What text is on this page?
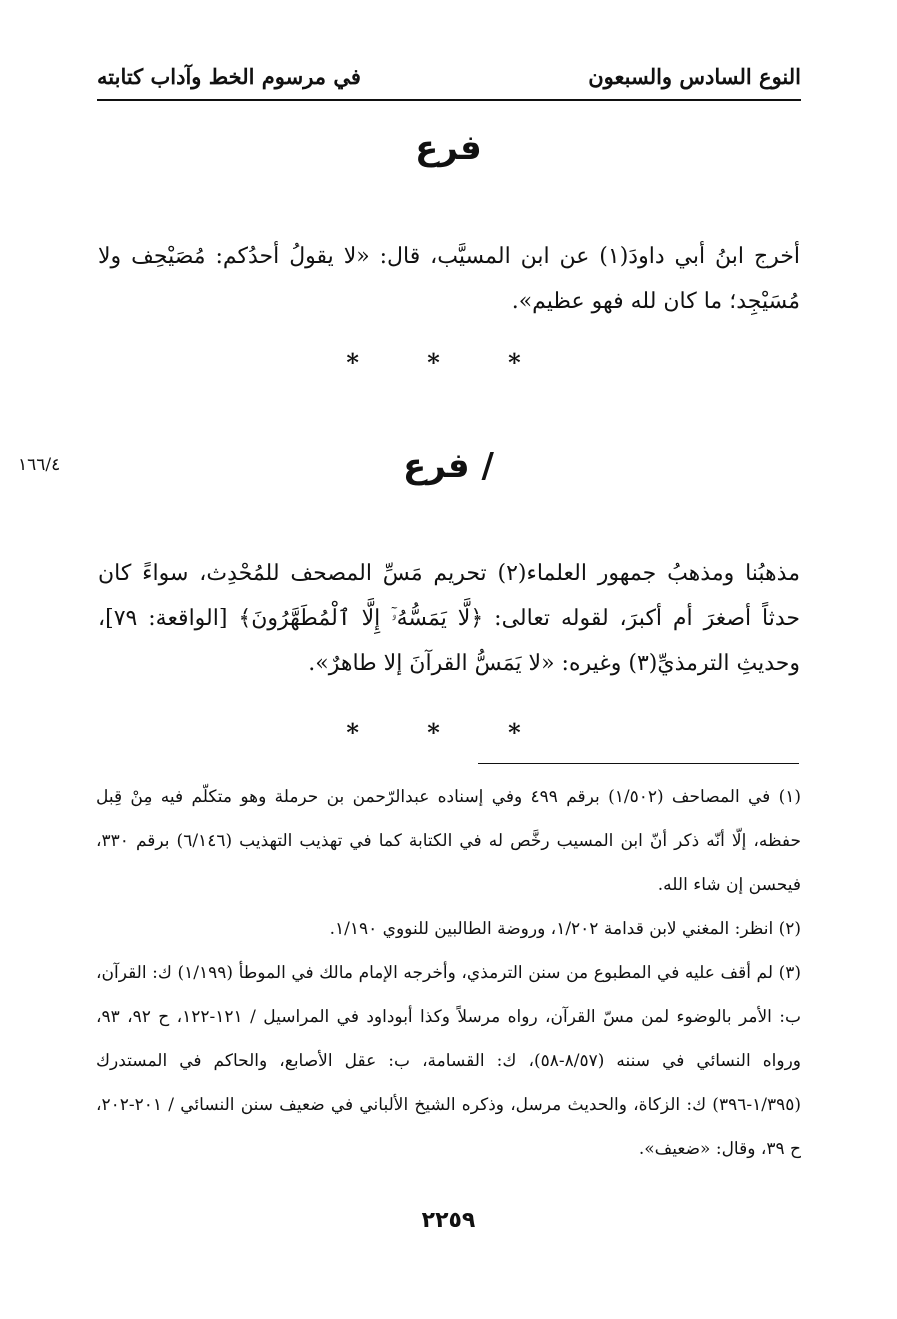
النوع السادس والسبعون
في مرسوم الخط وآداب كتابته
فرع

أخرج ابنُ أبي داودَ(١) عن ابن المسيَّب، قال: «لا يقولُ أحدُكم: مُصَيْحِف ولا مُسَيْجِد؛ ما كان لله فهو عظيم».

* * *
١٦٦/٤	/ فرع

مذهبُنا ومذهبُ جمهور العلماء(٢) تحريم مَسِّ المصحف للمُحْدِث، سواءً كان حدثاً أصغرَ أم أكبرَ، لقوله تعالى: ﴿لَّا يَمَسُّهُۥٓ إِلَّا ٱلْمُطَهَّرُونَ﴾ [الواقعة: ٧٩]، وحديثِ الترمذيِّ(٣) وغيره: «لا يَمَسُّ القرآنَ إلا طاهرٌ».

* * *

(١) في المصاحف (١/٥٠٢) برقم ٤٩٩ وفي إسناده عبدالرّحمن بن حرملة وهو متكلّم فيه مِنْ قِبل حفظه، إلّا أنّه ذكر أنّ ابن المسيب رخَّص له في الكتابة كما في تهذيب التهذيب (٦/١٤٦) برقم ٣٣٠، فيحسن إن شاء الله.

(٢) انظر: المغني لابن قدامة ١/٢٠٢، وروضة الطالبين للنووي ١/١٩٠.

(٣) لم أقف عليه في المطبوع من سنن الترمذي، وأخرجه الإمام مالك في الموطأ (١/١٩٩) ك: القرآن، ب: الأمر بالوضوء لمن مسّ القرآن، رواه مرسلاً وكذا أبوداود في المراسيل / ١٢١-١٢٢، ح ٩٢، ٩٣، ورواه النسائي في سننه (٨/٥٧-٥٨)، ك: القسامة، ب: عقل الأصابع، والحاكم في المستدرك (١/٣٩٥-٣٩٦) ك: الزكاة، والحديث مرسل، وذكره الشيخ الألباني في ضعيف سنن النسائي / ٢٠١-٢٠٢، ح ٣٩، وقال: «ضعيف».

٢٢٥٩
